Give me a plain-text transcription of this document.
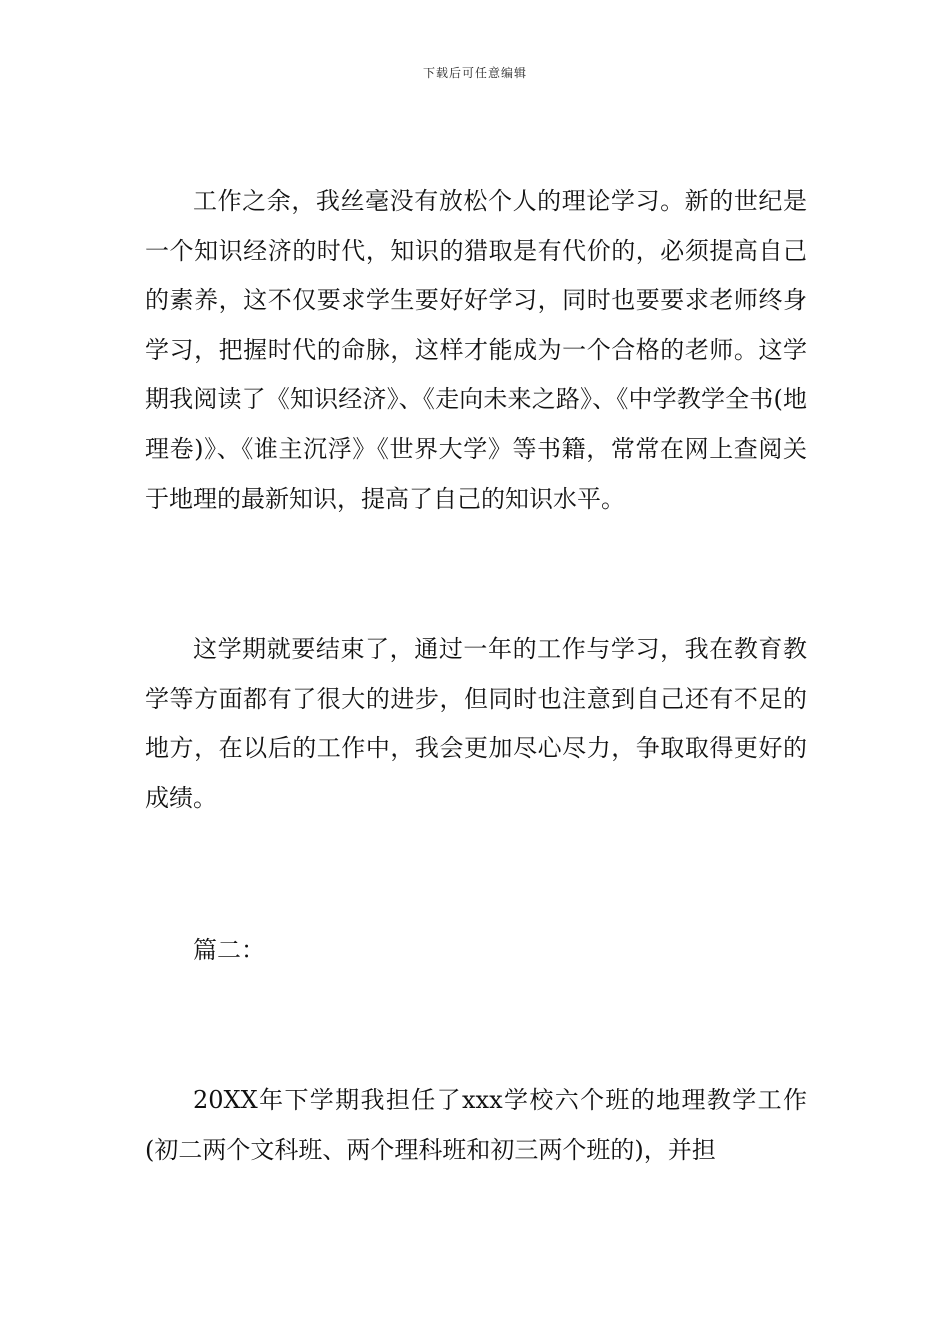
下载后可任意编辑

工作之余，我丝毫没有放松个人的理论学习。新的世纪是一个知识经济的时代，知识的猎取是有代价的，必须提高自己的素养，这不仅要求学生要好好学习，同时也要要求老师终身学习，把握时代的命脉，这样才能成为一个合格的老师。这学期我阅读了《知识经济》、《走向未来之路》、《中学教学全书(地理卷)》、《谁主沉浮》《世界大学》等书籍，常常在网上查阅关于地理的最新知识，提高了自己的知识水平。

这学期就要结束了，通过一年的工作与学习，我在教育教学等方面都有了很大的进步，但同时也注意到自己还有不足的地方，在以后的工作中，我会更加尽心尽力，争取取得更好的成绩。

篇二：

20XX年下学期我担任了xxx学校六个班的地理教学工作(初二两个文科班、两个理科班和初三两个班的)，并担
